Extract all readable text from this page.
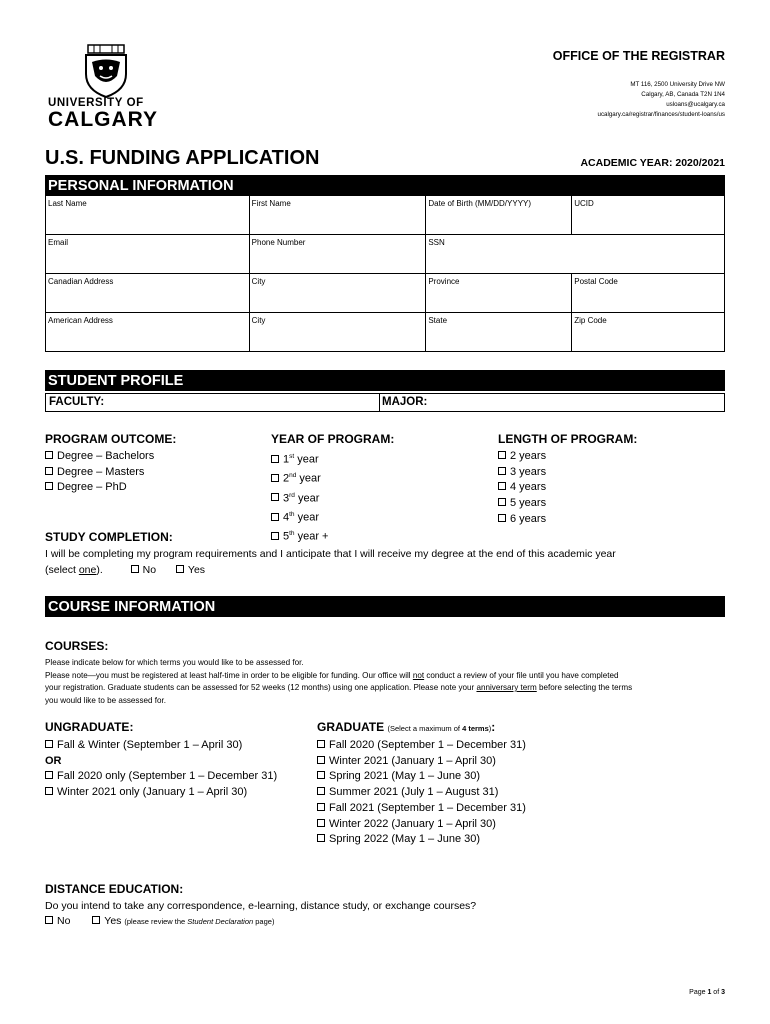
UNIVERSITY OF
CALGARY
OFFICE OF THE REGISTRAR
MT 116, 2500 University Drive NW
Calgary, AB, Canada T2N 1N4
usloans@ucalgary.ca
ucalgary.ca/registrar/finances/student-loans/us
U.S. FUNDING APPLICATION	ACADEMIC YEAR: 2020/2021
PERSONAL INFORMATION
Last Name	First Name	Date of Birth (MM/DD/YYYY)	UCID
Email	Phone Number	SSN	
Canadian Address	City	Province	Postal Code
American Address	City	State	Zip Code
STUDENT PROFILE
FACULTY:	MAJOR:
PROGRAM OUTCOME:
Degree – Bachelors
Degree – Masters
Degree – PhD
YEAR OF PROGRAM:
1st year
2nd year
3rd year
4th year
5th year +
LENGTH OF PROGRAM:
2 years
3 years
4 years
5 years
6 years
STUDY COMPLETION:
I will be completing my program requirements and I anticipate that I will receive my degree at the end of this academic year
(select one).	No	Yes
COURSE INFORMATION
COURSES:
Please indicate below for which terms you would like to be assessed for.
Please note—you must be registered at least half-time in order to be eligible for funding. Our office will not conduct a review of your file until you have completed
your registration. Graduate students can be assessed for 52 weeks (12 months) using one application. Please note your anniversary term before selecting the terms
you would like to be assessed for.
UNGRADUATE:
Fall & Winter (September 1 – April 30)
OR
Fall 2020 only (September 1 – December 31)
Winter 2021 only (January 1 – April 30)
GRADUATE (Select a maximum of 4 terms):
Fall 2020 (September 1 – December 31)
Winter 2021 (January 1 – April 30)
Spring 2021 (May 1 – June 30)
Summer 2021 (July 1 – August 31)
Fall 2021 (September 1 – December 31)
Winter 2022 (January 1 – April 30)
Spring 2022 (May 1 – June 30)
DISTANCE EDUCATION:
Do you intend to take any correspondence, e-learning, distance study, or exchange courses?
No	Yes (please review the Student Declaration page)
Page 1 of 3
